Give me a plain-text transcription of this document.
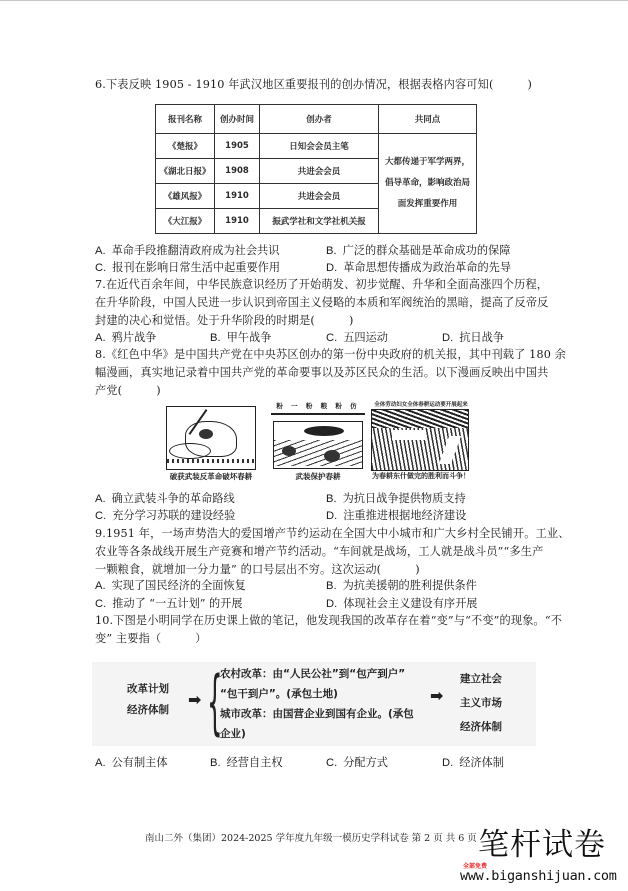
6.下表反映 1905 - 1910 年武汉地区重要报刊的创办情况，根据表格内容可知(　　　)
报刊名称	创办时间	创办者	共同点
《楚报》	1905	日知会会员主笔	大都传递于军学两界，
倡导革命，影响政治局
面发挥重要作用

《湖北日报》	1908	共进会会员	
《雄风报》	1910	共进会会员	
《大江报》	1910	振武学社和文学社机关报	
A. 革命手段推翻清政府成为社会共识	B. 广泛的群众基础是革命成功的保障
C. 报刊在影响日常生活中起重要作用	D. 革命思想传播成为政治革命的先导
7.在近代百余年间，中华民族意识经历了开始萌发、初步觉醒、升华和全面高涨四个历程，
在升华阶段，中国人民进一步认识到帝国主义侵略的本质和军阀统治的黑暗，提高了反帝反
封建的决心和觉悟。处于升华阶段的时期是(　　　)
A. 鸦片战争	B. 甲午战争	C. 五四运动	D. 抗日战争
8.《红色中华》是中国共产党在中央苏区创办的第一份中央政府的机关报，其中刊载了 180 余
幅漫画，真实地记录着中国共产党的革命要事以及苏区民众的生活。以下漫画反映出中国共
产党(　　　)
破获武装反革命破坏春耕
粉 一 粉 粮 粉 仿
武装保护春耕
全体劳动妇女全体春耕运动要开展起来
为春耕东什做完的胜利而斗争！
A. 确立武装斗争的革命路线	B. 为抗日战争提供物质支持
C. 充分学习苏联的建设经验	D. 注重推进根据地经济建设
9.1951 年，一场声势浩大的爱国增产节约运动在全国大中小城市和广大乡村全民铺开。工业、
农业等各条战线开展生产竞赛和增产节约活动。“车间就是战场，工人就是战斗员”“多生产
一颗粮食，就增加一分力量” 的口号层出不穷。这次运动(　　　)
A. 实现了国民经济的全面恢复	B. 为抗美援朝的胜利提供条件
C. 推动了 “一五计划” 的开展	D. 体现社会主义建设有序开展
10.下图是小明同学在历史课上做的笔记，他发现我国的改革存在着“变”与“不变”的现象。“不
变” 主要指（　　　）
改革计划
经济体制
➡ {
农村改革：由“人民公社”到“包产到户”
“包干到户”。(承包土地)
城市改革：由国营企业到国有企业。(承包
企业)
➡
建立社会
主义市场
经济体制
A. 公有制主体	B. 经营自主权	C. 分配方式	D. 经济体制
南山二外（集团）2024-2025 学年度九年级一模历史学科试卷 第 2 页 共 6 页 笔杆试卷
全部免费
www.biganshijuan.com
